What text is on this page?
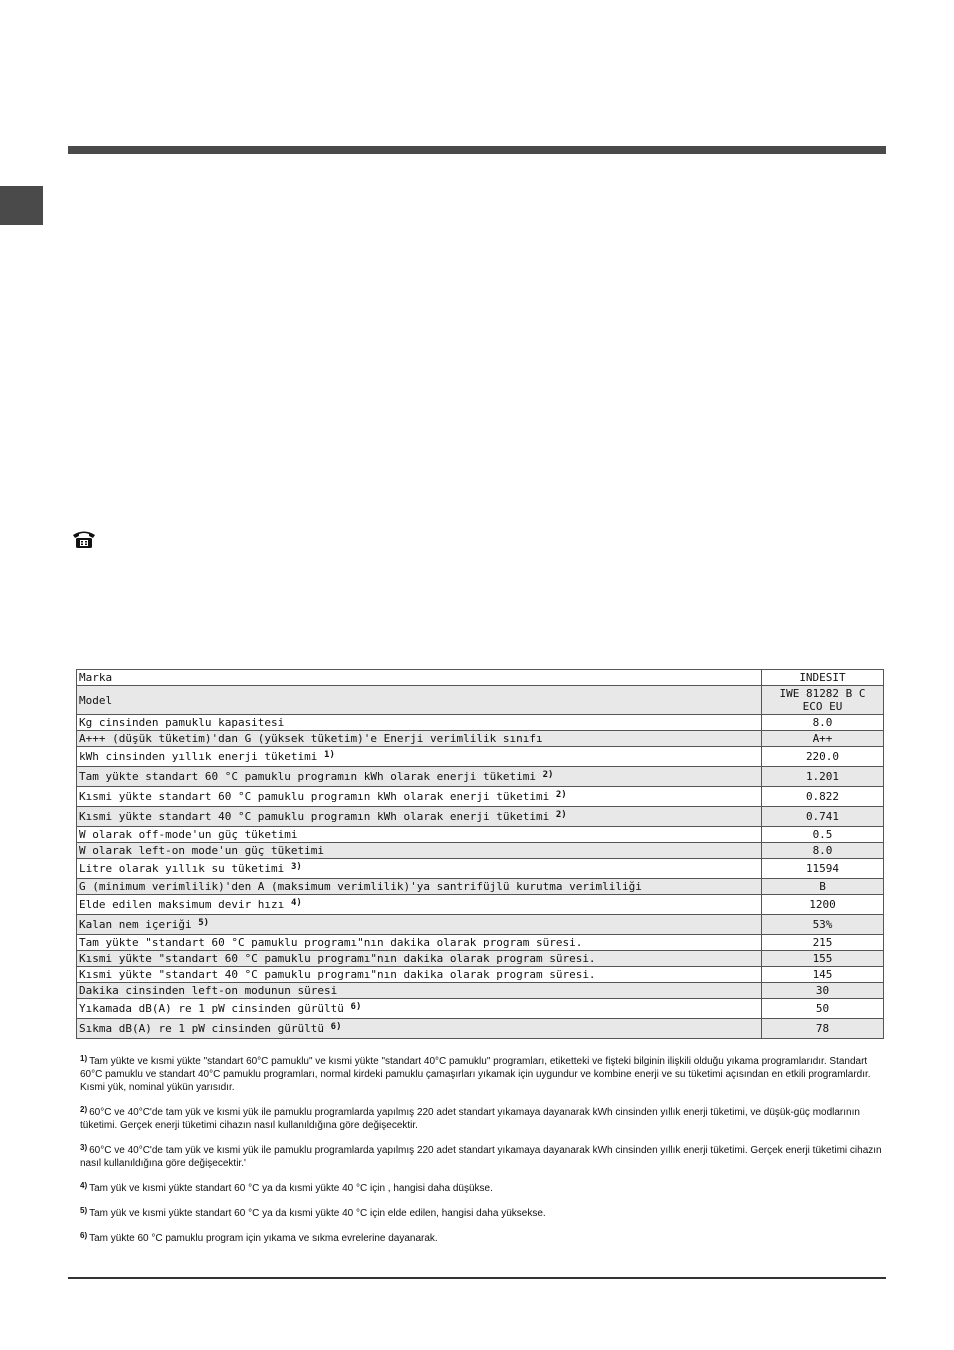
Marka	INDESIT
Model	IWE 81282 B C ECO EU
Kg cinsinden pamuklu kapasitesi	8.0
A+++ (düşük tüketim)'dan G (yüksek tüketim)'e Enerji verimlilik sınıfı	A++
kWh cinsinden yıllık enerji tüketimi $^{1)}$	220.0
Tam yükte standart 60 °C pamuklu programın kWh olarak enerji tüketimi $^{2)}$	1.201
Kısmi yükte standart 60 °C pamuklu programın kWh olarak enerji tüketimi $^{2)}$	0.822
Kısmi yükte standart 40 °C pamuklu programın kWh olarak enerji tüketimi $^{2)}$	0.741
W olarak off-mode'un güç tüketimi	0.5
W olarak left-on mode'un güç tüketimi	8.0
Litre olarak yıllık su tüketimi $^{3)}$	11594
G (minimum verimlilik)'den A (maksimum verimlilik)'ya santrifüjlü kurutma verimliliği	B
Elde edilen maksimum devir hızı $^{4)}$	1200
Kalan nem içeriği $^{5)}$	53%
Tam yükte "standart 60 °C pamuklu programı"nın dakika olarak program süresi.	215
Kısmi yükte "standart 60 °C pamuklu programı"nın dakika olarak program süresi.	155
Kısmi yükte "standart 40 °C pamuklu programı"nın dakika olarak program süresi.	145
Dakika cinsinden left-on modunun süresi	30
Yıkamada dB(A) re 1 pW cinsinden gürültü $^{6)}$	50
Sıkma dB(A) re 1 pW cinsinden gürültü $^{6)}$	78
$^{1)}$ Tam yükte ve kısmi yükte "standart 60°C pamuklu" ve kısmi yükte "standart 40°C pamuklu" programları, etiketteki ve fişteki bilginin ilişkili olduğu yıkama programlarıdır. Standart 60°C pamuklu ve standart 40°C pamuklu programları, normal kirdeki pamuklu çamaşırları yıkamak için uygundur ve kombine enerji ve su tüketimi açısından en etkili programlardır. Kısmi yük, nominal yükün yarısıdır.
$^{2)}$ 60°C ve 40°C'de tam yük ve kısmi yük ile pamuklu programlarda yapılmış 220 adet standart yıkamaya dayanarak kWh cinsinden yıllık enerji tüketimi, ve düşük-güç modlarının tüketimi. Gerçek enerji tüketimi cihazın nasıl kullanıldığına göre değişecektir.
$^{3)}$ 60°C ve 40°C'de tam yük ve kısmi yük ile pamuklu programlarda yapılmış 220 adet standart yıkamaya dayanarak kWh cinsinden yıllık enerji tüketimi. Gerçek enerji tüketimi cihazın nasıl kullanıldığına göre değişecektir.'
$^{4)}$ Tam yük ve kısmi yükte standart 60 °C ya da kısmi yükte 40 °C için , hangisi daha düşükse.
$^{5)}$ Tam yük ve kısmi yükte standart 60 °C ya da kısmi yükte 40 °C için elde edilen, hangisi daha yüksekse.
$^{6)}$ Tam yükte 60 °C pamuklu program için yıkama ve sıkma evrelerine dayanarak.
